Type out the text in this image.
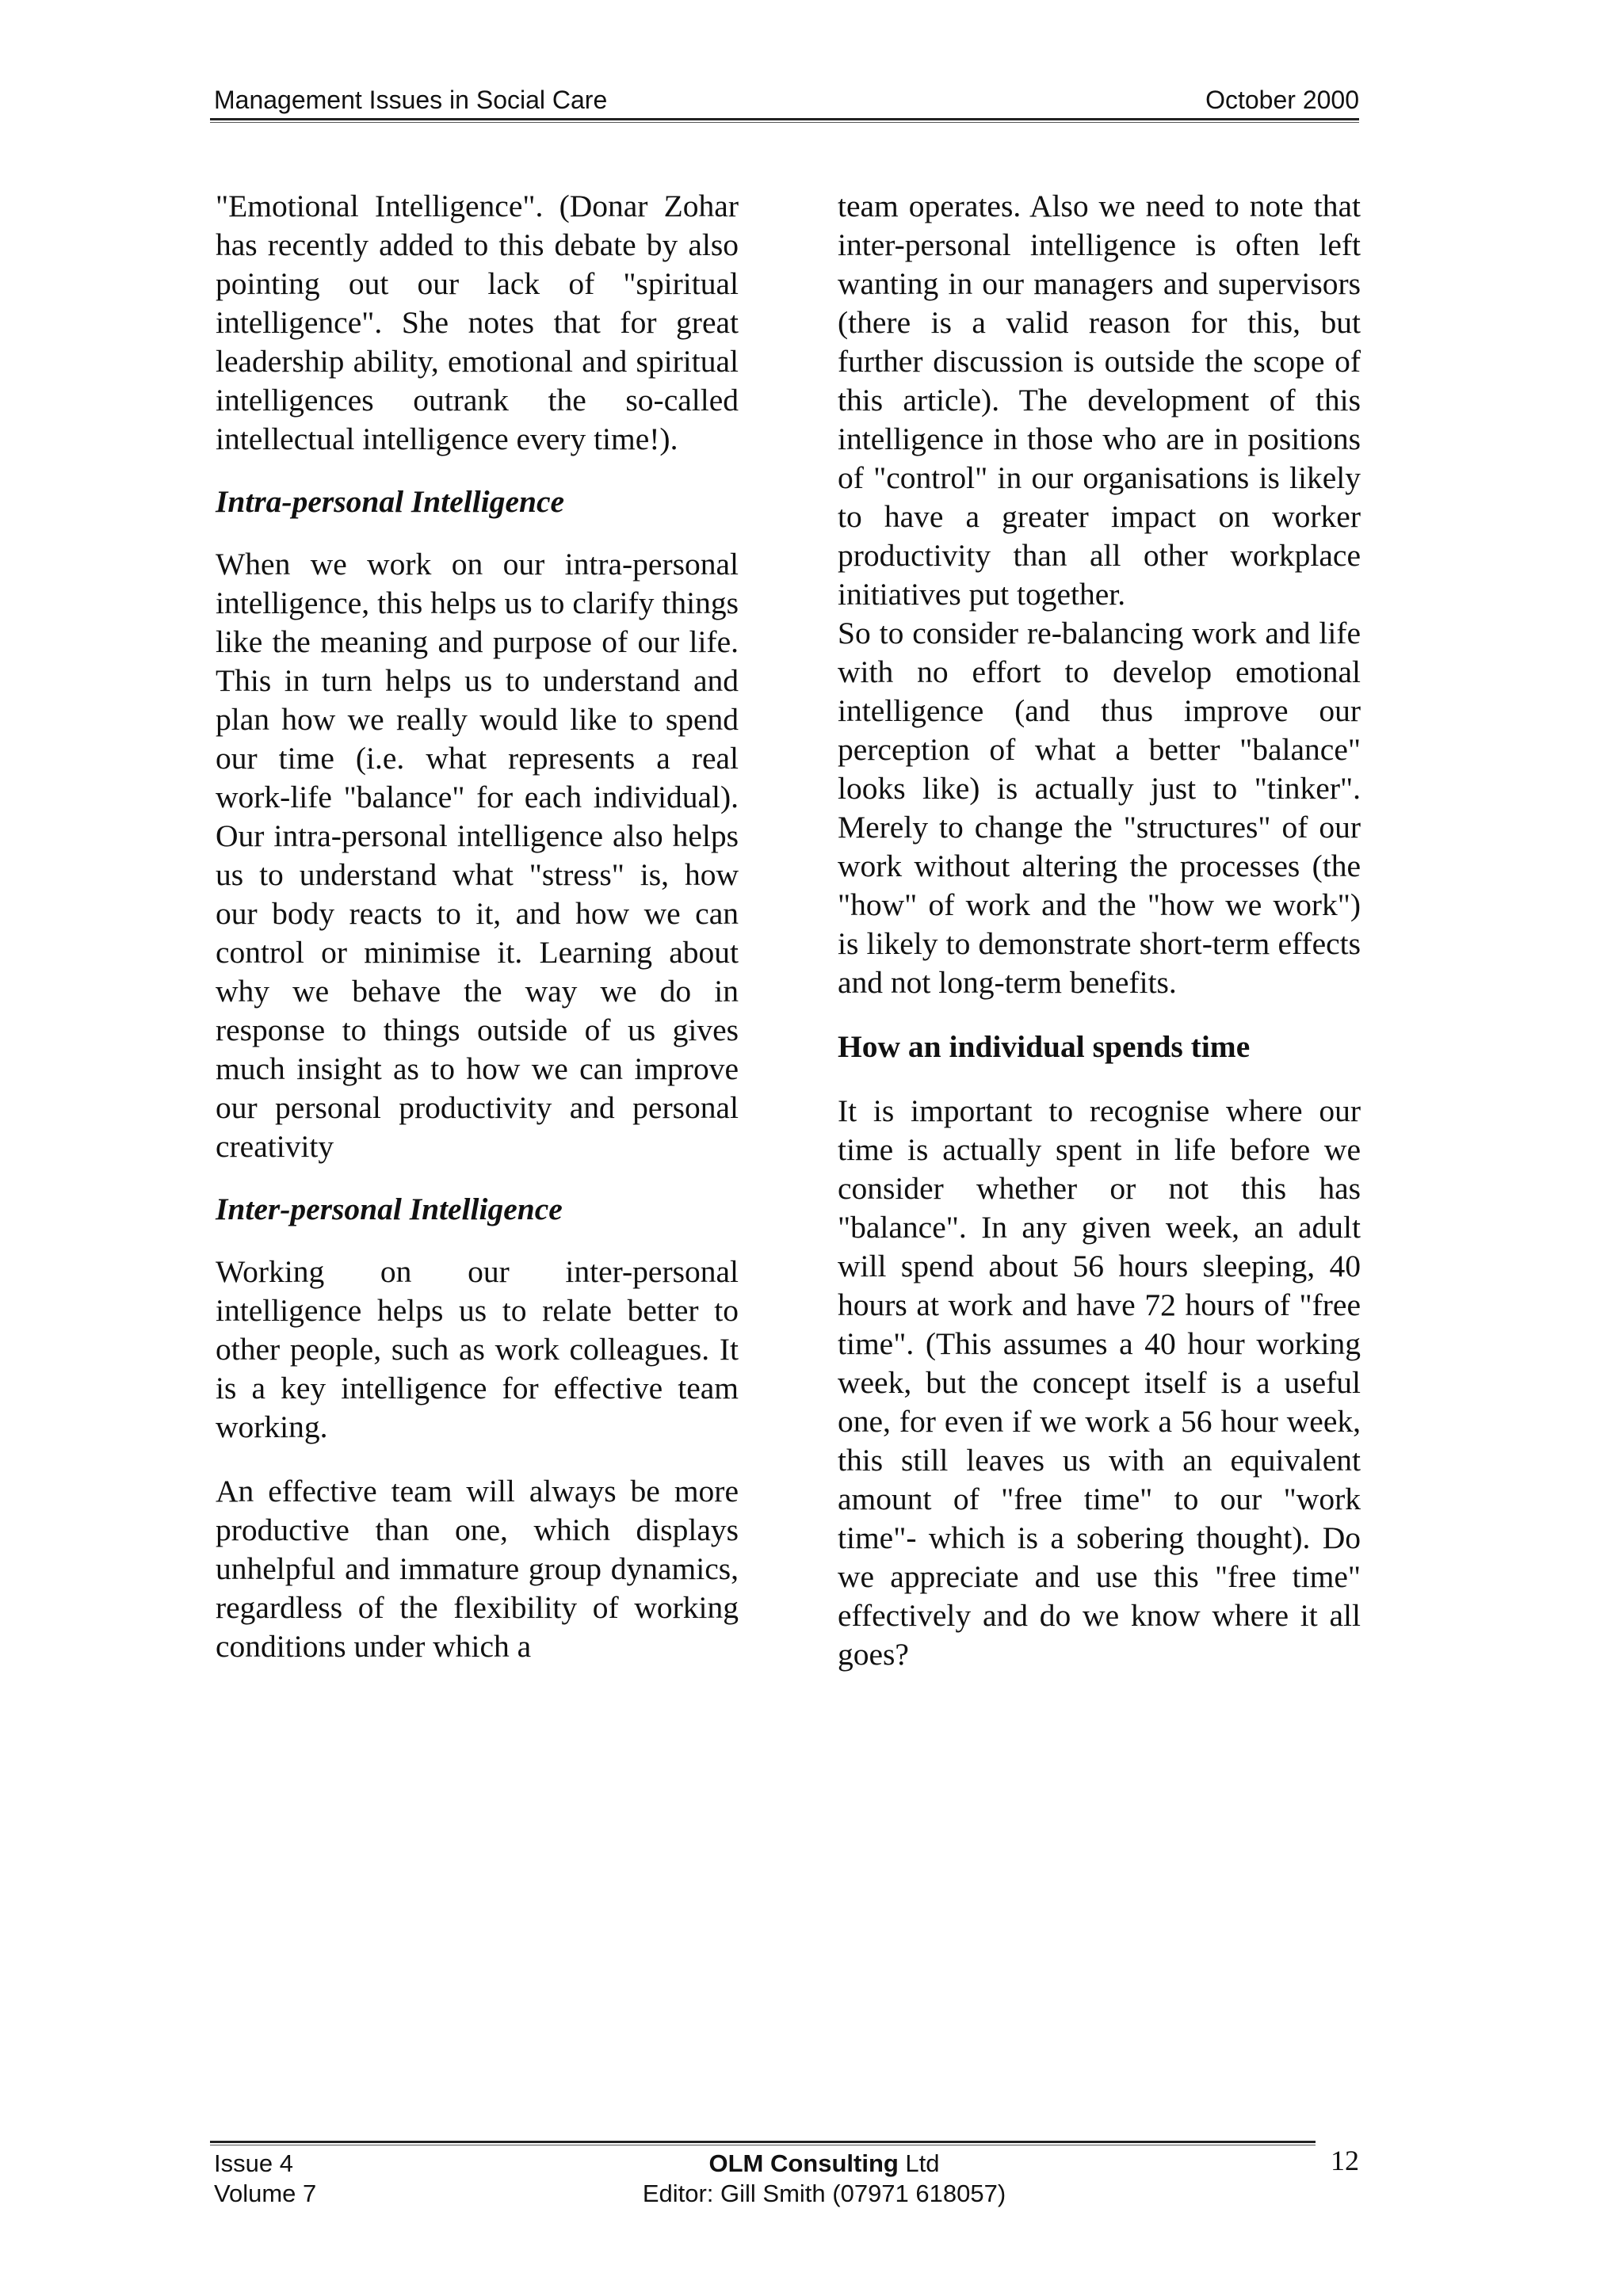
Management Issues in Social Care	October 2000

"Emotional Intelligence". (Donar Zohar has recently added to this debate by also pointing out our lack of "spiritual intelligence". She notes that for great leadership ability, emotional and spiritual intelligences outrank the so-called intellectual intelligence every time!).

Intra-personal Intelligence

When we work on our intra-personal intelligence, this helps us to clarify things like the meaning and purpose of our life. This in turn helps us to understand and plan how we really would like to spend our time (i.e. what represents a real work-life "balance" for each individual). Our intra-personal intelligence also helps us to understand what "stress" is, how our body reacts to it, and how we can control or minimise it. Learning about why we behave the way we do in response to things outside of us gives much insight as to how we can improve our personal productivity and personal creativity

Inter-personal Intelligence

Working on our inter-personal intelligence helps us to relate better to other people, such as work colleagues. It is a key intelligence for effective team working.

An effective team will always be more productive than one, which displays unhelpful and immature group dynamics, regardless of the flexibility of working conditions under which a

team operates. Also we need to note that inter-personal intelligence is often left wanting in our managers and supervisors (there is a valid reason for this, but further discussion is outside the scope of this article). The development of this intelligence in those who are in positions of "control" in our organisations is likely to have a greater impact on worker productivity than all other workplace initiatives put together.

So to consider re-balancing work and life with no effort to develop emotional intelligence (and thus improve our perception of what a better "balance" looks like) is actually just to "tinker". Merely to change the "structures" of our work without altering the processes (the "how" of work and the "how we work") is likely to demonstrate short-term effects and not long-term benefits.

How an individual spends time

It is important to recognise where our time is actually spent in life before we consider whether or not this has "balance". In any given week, an adult will spend about 56 hours sleeping, 40 hours at work and have 72 hours of "free time". (This assumes a 40 hour working week, but the concept itself is a useful one, for even if we work a 56 hour week, this still leaves us with an equivalent amount of "free time" to our "work time"- which is a sobering thought). Do we appreciate and use this "free time" effectively and do we know where it all goes?

Issue 4
Volume 7
OLM Consulting Ltd
Editor: Gill Smith (07971 618057)
12
